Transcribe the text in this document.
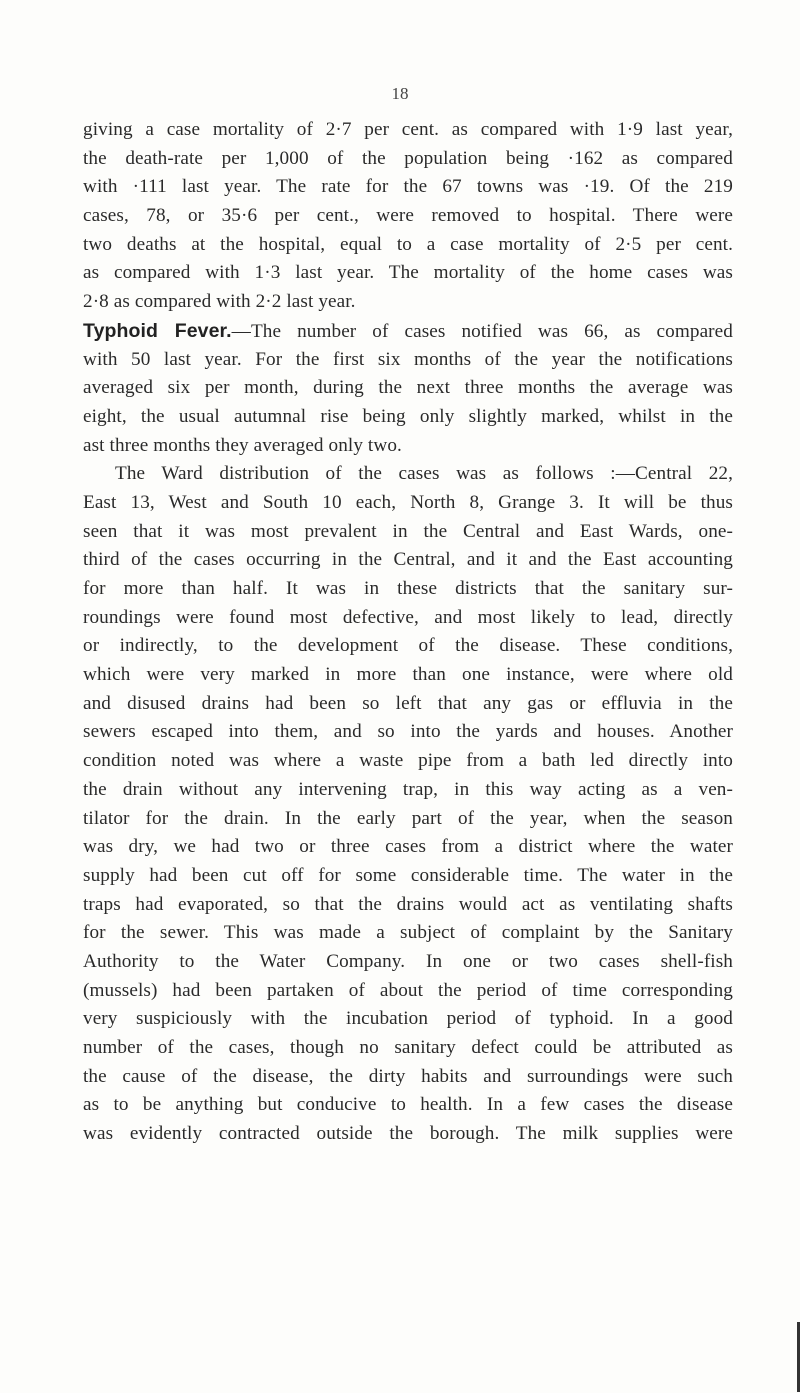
18
giving a case mortality of 2·7 per cent. as compared with 1·9 last year,
the death-rate per 1,000 of the population being ·162 as compared
with ·111 last year. The rate for the 67 towns was ·19. Of the 219
cases, 78, or 35·6 per cent., were removed to hospital. There were
two deaths at the hospital, equal to a case mortality of 2·5 per cent.
as compared with 1·3 last year. The mortality of the home cases was
2·8 as compared with 2·2 last year.
Typhoid Fever.—The number of cases notified was 66, as compared
with 50 last year. For the first six months of the year the notifications
averaged six per month, during the next three months the average was
eight, the usual autumnal rise being only slightly marked, whilst in the
ast three months they averaged only two.
The Ward distribution of the cases was as follows :—Central 22,
East 13, West and South 10 each, North 8, Grange 3. It will be thus
seen that it was most prevalent in the Central and East Wards, one-
third of the cases occurring in the Central, and it and the East accounting
for more than half. It was in these districts that the sanitary sur-
roundings were found most defective, and most likely to lead, directly
or indirectly, to the development of the disease. These conditions,
which were very marked in more than one instance, were where old
and disused drains had been so left that any gas or effluvia in the
sewers escaped into them, and so into the yards and houses. Another
condition noted was where a waste pipe from a bath led directly into
the drain without any intervening trap, in this way acting as a ven-
tilator for the drain. In the early part of the year, when the season
was dry, we had two or three cases from a district where the water
supply had been cut off for some considerable time. The water in the
traps had evaporated, so that the drains would act as ventilating shafts
for the sewer. This was made a subject of complaint by the Sanitary
Authority to the Water Company. In one or two cases shell-fish
(mussels) had been partaken of about the period of time corresponding
very suspiciously with the incubation period of typhoid. In a good
number of the cases, though no sanitary defect could be attributed as
the cause of the disease, the dirty habits and surroundings were such
as to be anything but conducive to health. In a few cases the disease
was evidently contracted outside the borough. The milk supplies were
